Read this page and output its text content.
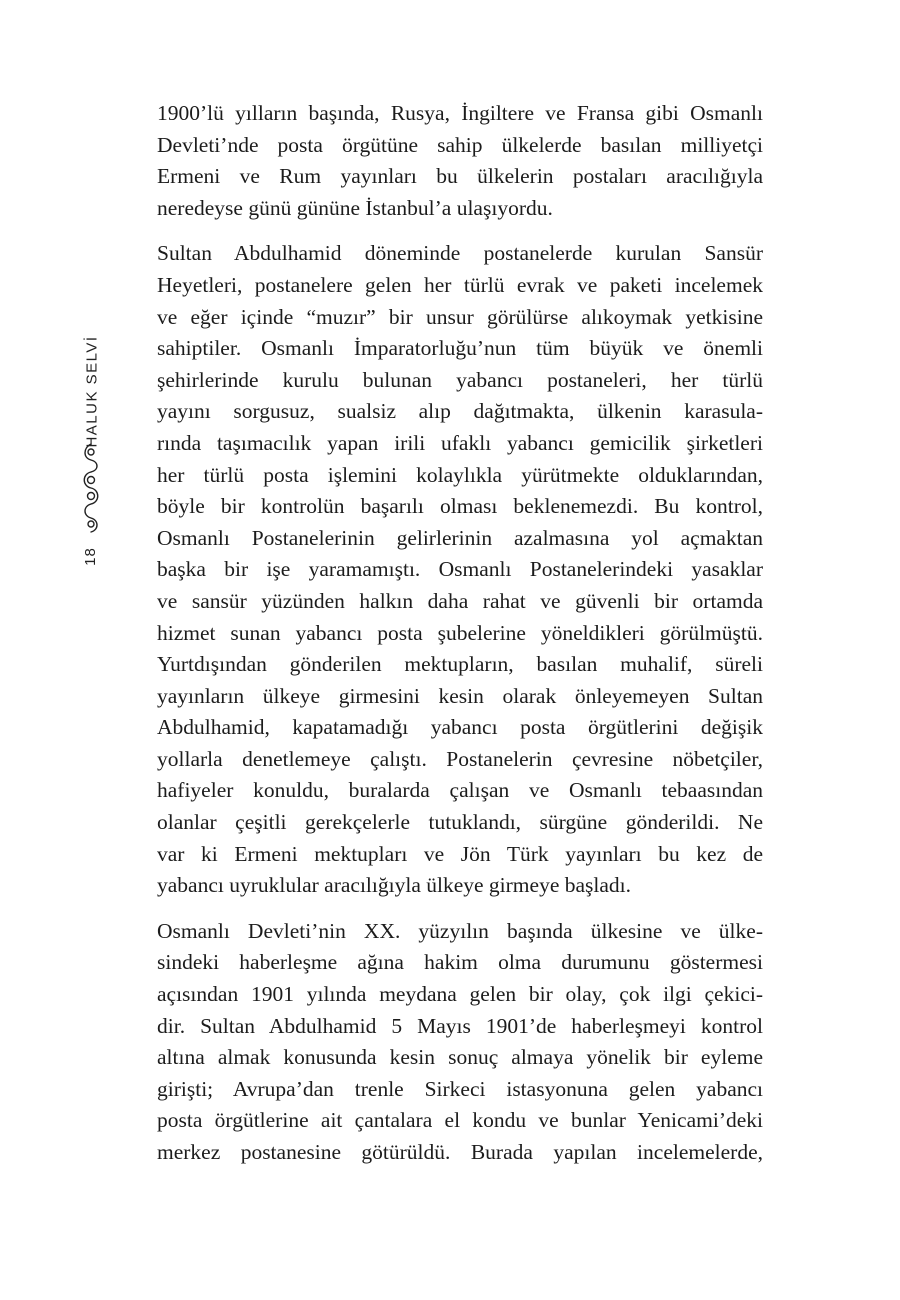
HALUK SELVİ
18
1900’lü yılların başında, Rusya, İngiltere ve Fransa gibi Osmanlı
Devleti’nde posta örgütüne sahip ülkelerde basılan milliyetçi
Ermeni ve Rum yayınları bu ülkelerin postaları aracılığıyla
neredeyse günü gününe İstanbul’a ulaşıyordu.
Sultan Abdulhamid döneminde postanelerde kurulan Sansür
Heyetleri, postanelere gelen her türlü evrak ve paketi incelemek
ve eğer içinde “muzır” bir unsur görülürse alıkoymak yetkisine
sahiptiler. Osmanlı İmparatorluğu’nun tüm büyük ve önemli
şehirlerinde kurulu bulunan yabancı postaneleri, her türlü
yayını sorgusuz, sualsiz alıp dağıtmakta, ülkenin karasula-
rında taşımacılık yapan irili ufaklı yabancı gemicilik şirketleri
her türlü posta işlemini kolaylıkla yürütmekte olduklarından,
böyle bir kontrolün başarılı olması beklenemezdi. Bu kontrol,
Osmanlı Postanelerinin gelirlerinin azalmasına yol açmaktan
başka bir işe yaramamıştı. Osmanlı Postanelerindeki yasaklar
ve sansür yüzünden halkın daha rahat ve güvenli bir ortamda
hizmet sunan yabancı posta şubelerine yöneldikleri görülmüştü.
Yurtdışından gönderilen mektupların, basılan muhalif, süreli
yayınların ülkeye girmesini kesin olarak önleyemeyen Sultan
Abdulhamid, kapatamadığı yabancı posta örgütlerini değişik
yollarla denetlemeye çalıştı. Postanelerin çevresine nöbetçiler,
hafiyeler konuldu, buralarda çalışan ve Osmanlı tebaasından
olanlar çeşitli gerekçelerle tutuklandı, sürgüne gönderildi. Ne
var ki Ermeni mektupları ve Jön Türk yayınları bu kez de
yabancı uyruklular aracılığıyla ülkeye girmeye başladı.
Osmanlı Devleti’nin XX. yüzyılın başında ülkesine ve ülke-
sindeki haberleşme ağına hakim olma durumunu göstermesi
açısından 1901 yılında meydana gelen bir olay, çok ilgi çekici-
dir. Sultan Abdulhamid 5 Mayıs 1901’de haberleşmeyi kontrol
altına almak konusunda kesin sonuç almaya yönelik bir eyleme
girişti; Avrupa’dan trenle Sirkeci istasyonuna gelen yabancı
posta örgütlerine ait çantalara el kondu ve bunlar Yenicami’deki
merkez postanesine götürüldü. Burada yapılan incelemelerde,
